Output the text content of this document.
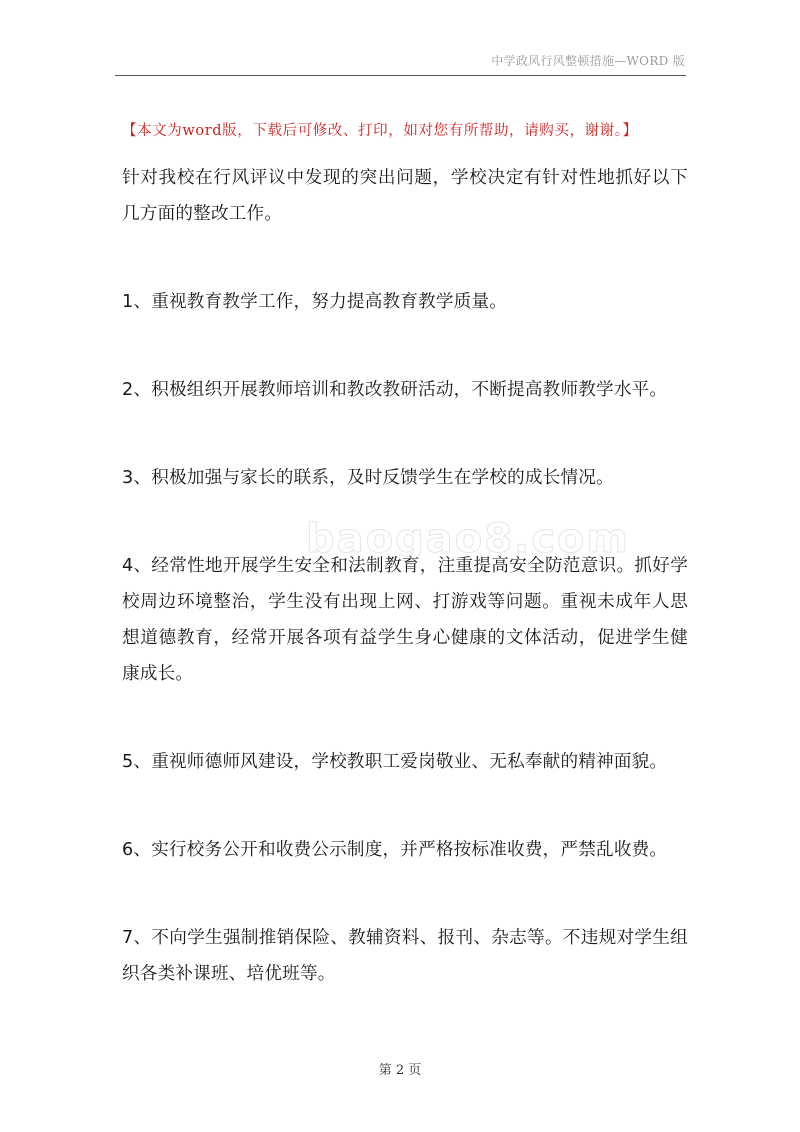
中学政风行风整顿措施—WORD 版
【本文为word版，下载后可修改、打印，如对您有所帮助，请购买，谢谢。】
baogao8.com

针对我校在行风评议中发现的突出问题，学校决定有针对性地抓好以下几方面的整改工作。

1、重视教育教学工作，努力提高教育教学质量。

2、积极组织开展教师培训和教改教研活动，不断提高教师教学水平。

3、积极加强与家长的联系，及时反馈学生在学校的成长情况。

4、经常性地开展学生安全和法制教育，注重提高安全防范意识。抓好学校周边环境整治，学生没有出现上网、打游戏等问题。重视未成年人思想道德教育，经常开展各项有益学生身心健康的文体活动，促进学生健康成长。

5、重视师德师风建设，学校教职工爱岗敬业、无私奉献的精神面貌。

6、实行校务公开和收费公示制度，并严格按标准收费，严禁乱收费。

7、不向学生强制推销保险、教辅资料、报刊、杂志等。不违规对学生组织各类补课班、培优班等。

第 2 页
